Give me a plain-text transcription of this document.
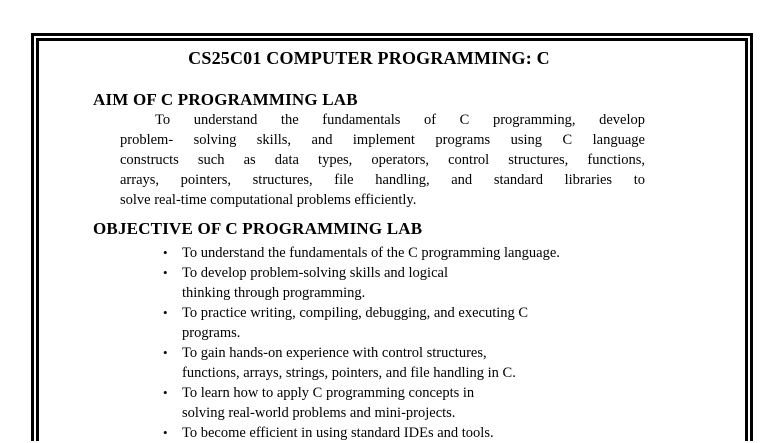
CS25C01 COMPUTER PROGRAMMING: C
AIM OF C PROGRAMMING LAB
To understand the fundamentals of C programming, develop
problem- solving skills, and implement programs using C language
constructs such as data types, operators, control structures, functions,
arrays, pointers, structures, file handling, and standard libraries to
solve real-time computational problems efficiently.
OBJECTIVE OF C PROGRAMMING LAB
• To understand the fundamentals of the C programming language.
• To develop problem-solving skills and logical
thinking through programming.
• To practice writing, compiling, debugging, and executing C
programs.
• To gain hands-on experience with control structures,
functions, arrays, strings, pointers, and file handling in C.
• To learn how to apply C programming concepts in
solving real-world problems and mini-projects.
• To become efficient in using standard IDEs and tools.
